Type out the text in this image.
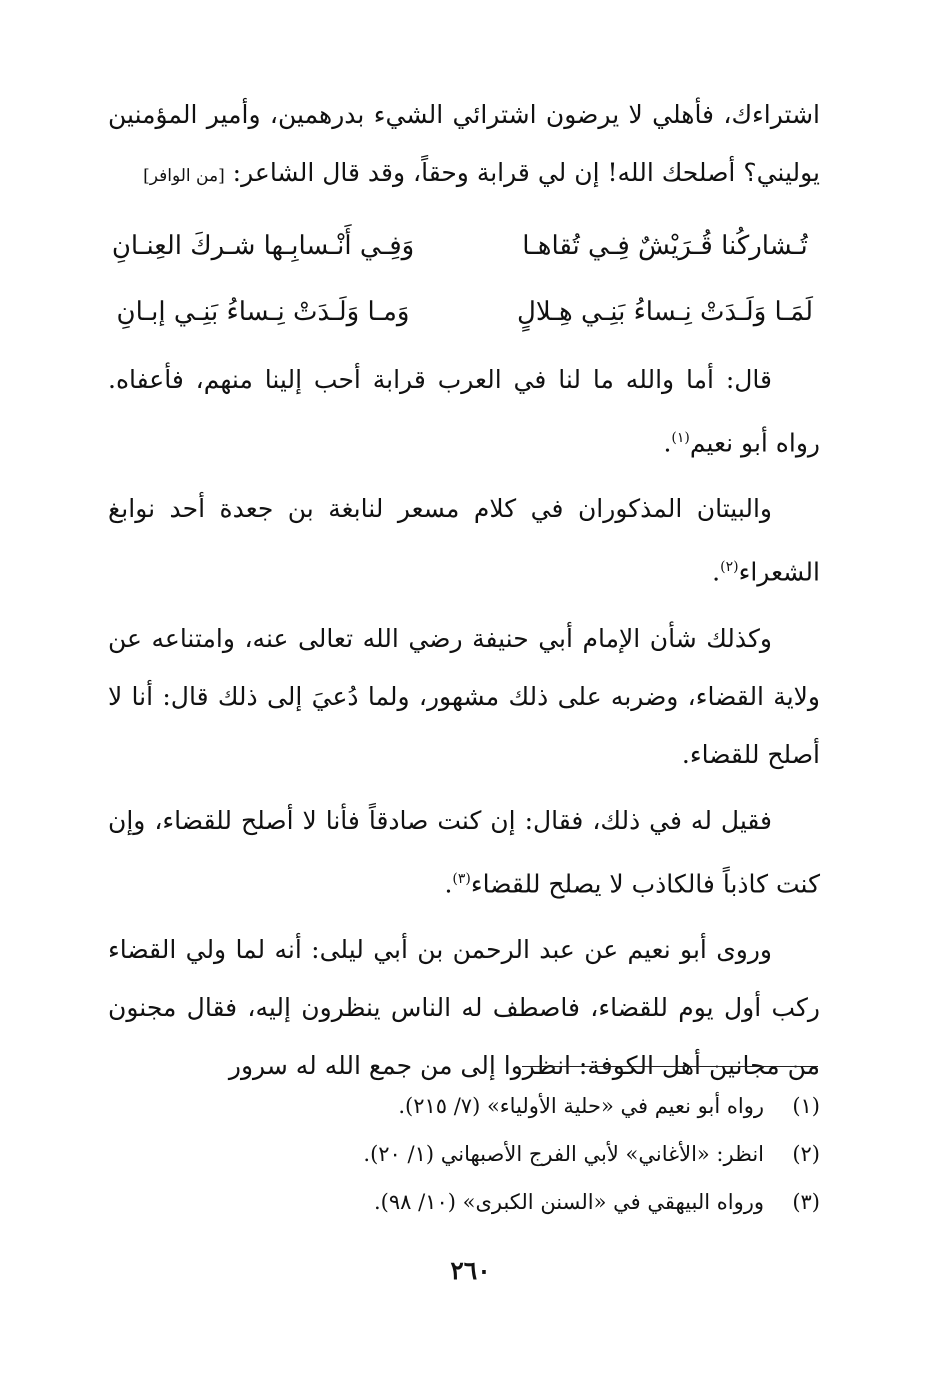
اشتراءك، فأهلي لا يرضون اشترائي الشيء بدرهمين، وأمير المؤمنين يوليني؟ أصلحك الله! إن لي قرابة وحقاً، وقد قال الشاعر: [من الوافر]

تُـشاركُنا قُـرَيْشٌ فِـي تُقاهـا
وَفِـي أَنْـسابِـها شـركَ العِنـانِ
لَمَـا وَلَـدَتْ نِـساءُ بَنِـي هِـلالٍ
وَمـا وَلَـدَتْ نِـساءُ بَنِـي إبـانِ

قال: أما والله ما لنا في العرب قرابة أحب إلينا منهم، فأعفاه. رواه أبو نعيم$^{(١)}$.

والبيتان المذكوران في كلام مسعر لنابغة بن جعدة أحد نوابغ الشعراء$^{(٢)}$.

وكذلك شأن الإمام أبي حنيفة رضي الله تعالى عنه، وامتناعه عن ولاية القضاء، وضربه على ذلك مشهور، ولما دُعيَ إلى ذلك قال: أنا لا أصلح للقضاء.

فقيل له في ذلك، فقال: إن كنت صادقاً فأنا لا أصلح للقضاء، وإن كنت كاذباً فالكاذب لا يصلح للقضاء$^{(٣)}$.

وروى أبو نعيم عن عبد الرحمن بن أبي ليلى: أنه لما ولي القضاء ركب أول يوم للقضاء، فاصطف له الناس ينظرون إليه، فقال مجنون من مجانين أهل الكوفة: انظروا إلى من جمع الله له سرور

(١)رواه أبو نعيم في «حلية الأولياء» (٧/ ٢١٥).
(٢)انظر: «الأغاني» لأبي الفرج الأصبهاني (١/ ٢٠).
(٣)ورواه البيهقي في «السنن الكبرى» (١٠/ ٩٨).
٢٦٠
